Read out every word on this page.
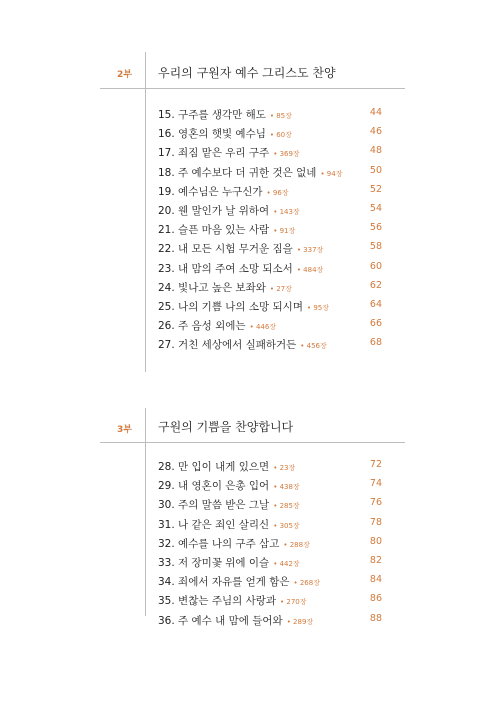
2부 우리의 구원자 예수 그리스도 찬양
15. 구주를 생각만 해도 • 85장	44
16. 영혼의 햇빛 예수님 • 60장	46
17. 죄짐 맡은 우리 구주 • 369장	48
18. 주 예수보다 더 귀한 것은 없네 • 94장	50
19. 예수님은 누구신가 • 96장	52
20. 웬 말인가 날 위하여 • 143장	54
21. 슬픈 마음 있는 사람 • 91장	56
22. 내 모든 시험 무거운 짐을 • 337장	58
23. 내 맘의 주여 소망 되소서 • 484장	60
24. 빛나고 높은 보좌와 • 27장	62
25. 나의 기쁨 나의 소망 되시며 • 95장	64
26. 주 음성 외에는 • 446장	66
27. 거친 세상에서 실패하거든 • 456장	68
3부 구원의 기쁨을 찬양합니다
28. 만 입이 내게 있으면 • 23장	72
29. 내 영혼이 은총 입어 • 438장	74
30. 주의 말씀 받은 그날 • 285장	76
31. 나 같은 죄인 살리신 • 305장	78
32. 예수를 나의 구주 삼고 • 288장	80
33. 저 장미꽃 위에 이슬 • 442장	82
34. 죄에서 자유를 얻게 함은 • 268장	84
35. 변찮는 주님의 사랑과 • 270장	86
36. 주 예수 내 맘에 들어와 • 289장	88
